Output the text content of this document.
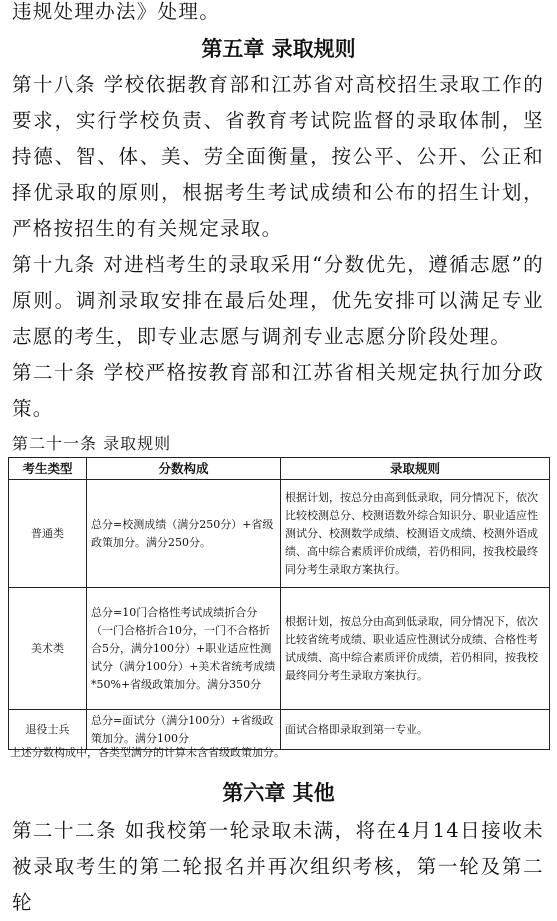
违规处理办法》处理。

第五章 录取规则

第十八条 学校依据教育部和江苏省对高校招生录取工作的要求，实行学校负责、省教育考试院监督的录取体制，坚持德、智、体、美、劳全面衡量，按公平、公开、公正和择优录取的原则，根据考生考试成绩和公布的招生计划，严格按招生的有关规定录取。

第十九条 对进档考生的录取采用“分数优先，遵循志愿”的原则。调剂录取安排在最后处理，优先安排可以满足专业志愿的考生，即专业志愿与调剂专业志愿分阶段处理。

第二十条 学校严格按教育部和江苏省相关规定执行加分政策。

第二十一条 录取规则

考生类型	分数构成	录取规则
普通类	总分=校测成绩（满分250分）+省级政策加分。满分250分。	根据计划，按总分由高到低录取，同分情况下，依次比较校测总分、校测语数外综合知识分、职业适应性测试分、校测数学成绩、校测语文成绩、校测外语成绩、高中综合素质评价成绩，若仍相同，按我校最终同分考生录取方案执行。
美术类	总分=10门合格性考试成绩折合分（一门合格折合10分，一门不合格折合5分，满分100分）+职业适应性测试分（满分100分）+美术省统考成绩*50%+省级政策加分。满分350分	根据计划，按总分由高到低录取，同分情况下，依次比较省统考成绩、职业适应性测试分成绩、合格性考试成绩、高中综合素质评价成绩，若仍相同，按我校最终同分考生录取方案执行。
退役士兵	总分=面试分（满分100分）+省级政策加分。满分100分	面试合格即录取到第一专业。

上述分数构成中，各类型满分的计算未含省级政策加分。

第六章 其他

第二十二条 如我校第一轮录取未满，将在4月14日接收未被录取考生的第二轮报名并再次组织考核，第一轮及第二轮
